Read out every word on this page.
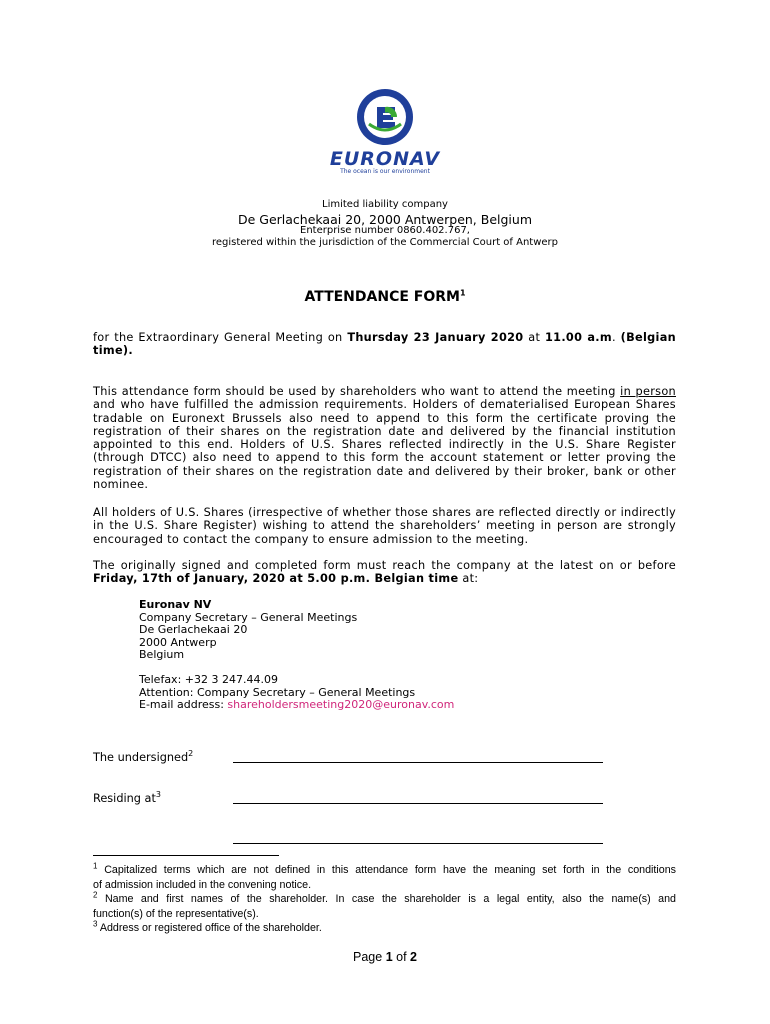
EURONAV
The ocean is our environment
Limited liability company
De Gerlachekaai 20, 2000 Antwerpen, Belgium
Enterprise number 0860.402.767,
registered within the jurisdiction of the Commercial Court of Antwerp
ATTENDANCE FORM$^1$
for the Extraordinary General Meeting on Thursday 23 January 2020 at 11.00 a.m. (Belgian
time).
This attendance form should be used by shareholders who want to attend the meeting in person
and who have fulfilled the admission requirements. Holders of dematerialised European Shares
tradable on Euronext Brussels also need to append to this form the certificate proving the
registration of their shares on the registration date and delivered by the financial institution
appointed to this end. Holders of U.S. Shares reflected indirectly in the U.S. Share Register
(through DTCC) also need to append to this form the account statement or letter proving the
registration of their shares on the registration date and delivered by their broker, bank or other
nominee.
All holders of U.S. Shares (irrespective of whether those shares are reflected directly or indirectly
in the U.S. Share Register) wishing to attend the shareholders’ meeting in person are strongly
encouraged to contact the company to ensure admission to the meeting.
The originally signed and completed form must reach the company at the latest on or before
Friday, 17th of January, 2020 at 5.00 p.m. Belgian time at:
Euronav NV
Company Secretary – General Meetings
De Gerlachekaai 20
2000 Antwerp
Belgium
Telefax: +32 3 247.44.09
Attention: Company Secretary – General Meetings
E-mail address: shareholdersmeeting2020@euronav.com
The undersigned$^2$
Residing $at^3$
$^1$ Capitalized terms which are not defined in this attendance form have the meaning set forth in the conditions
of admission included in the convening notice.
$^2$ Name and first names of the shareholder. In case the shareholder is a legal entity, also the name(s) and
function(s) of the representative(s).
$^3$ Address or registered office of the shareholder.
Page 1 of 2
